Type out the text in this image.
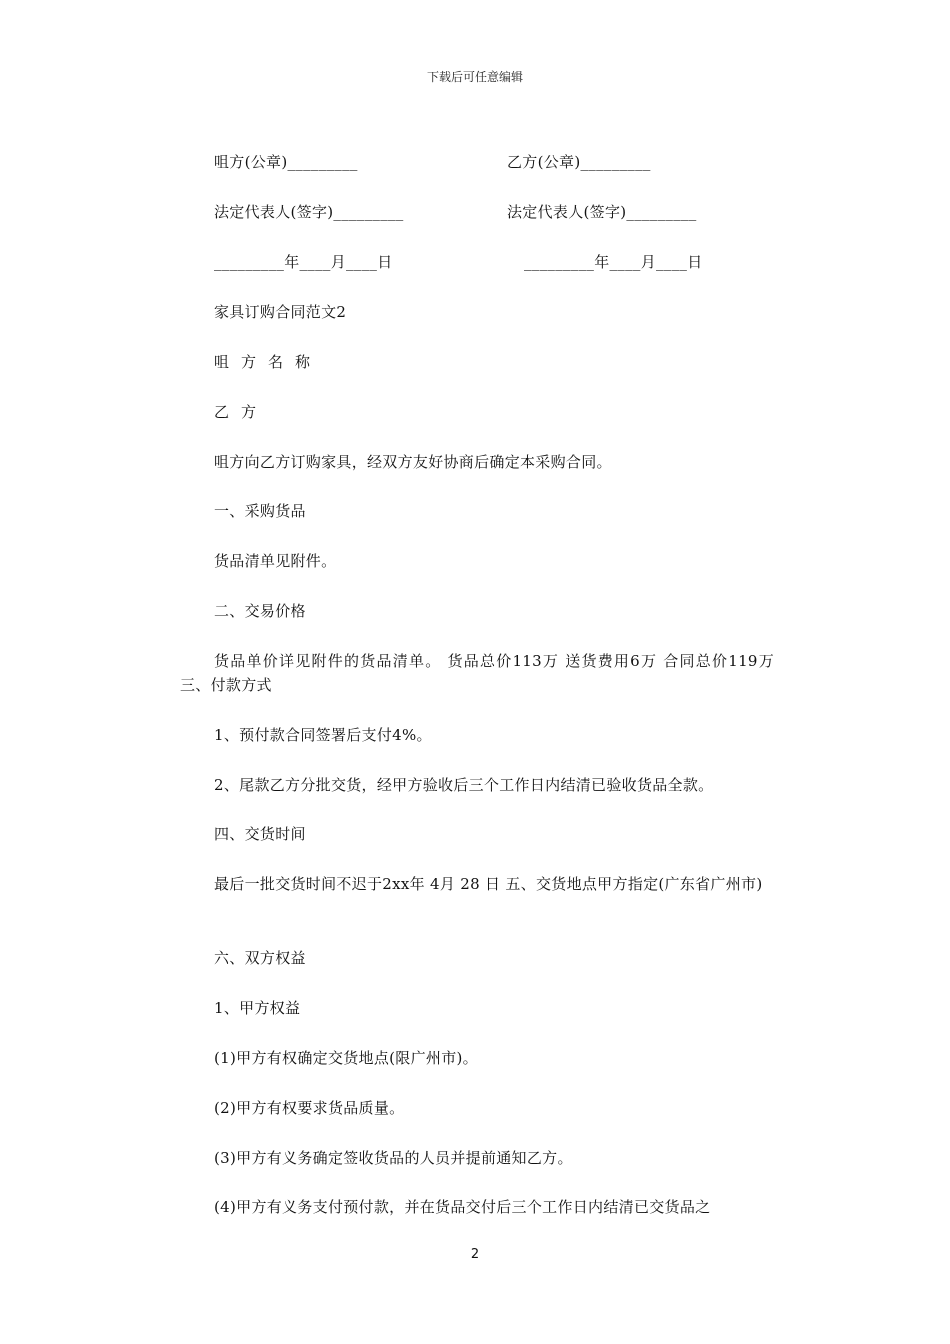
下载后可任意编辑
咀方(公章)_________	乙方(公章)_________
法定代表人(签字)_________	法定代表人(签字)_________
_________年____月____日	_________年____月____日
家具订购合同范文2
咀方名称
乙方
咀方向乙方订购家具，经双方友好协商后确定本采购合同。
一、采购货品
货品清单见附件。
二、交易价格
货品单价详见附件的货品清单。 货品总价113万 送货费用6万 合同总价119万 三、付款方式
1、预付款合同签署后支付4%。
2、尾款乙方分批交货，经甲方验收后三个工作日内结清已验收货品全款。
四、交货时间
最后一批交货时间不迟于2xx年 4月 28 日 五、交货地点甲方指定(广东省广州市)
六、双方权益
1、甲方权益
(1)甲方有权确定交货地点(限广州市)。
(2)甲方有权要求货品质量。
(3)甲方有义务确定签收货品的人员并提前通知乙方。
(4)甲方有义务支付预付款，并在货品交付后三个工作日内结清已交货品之
2
